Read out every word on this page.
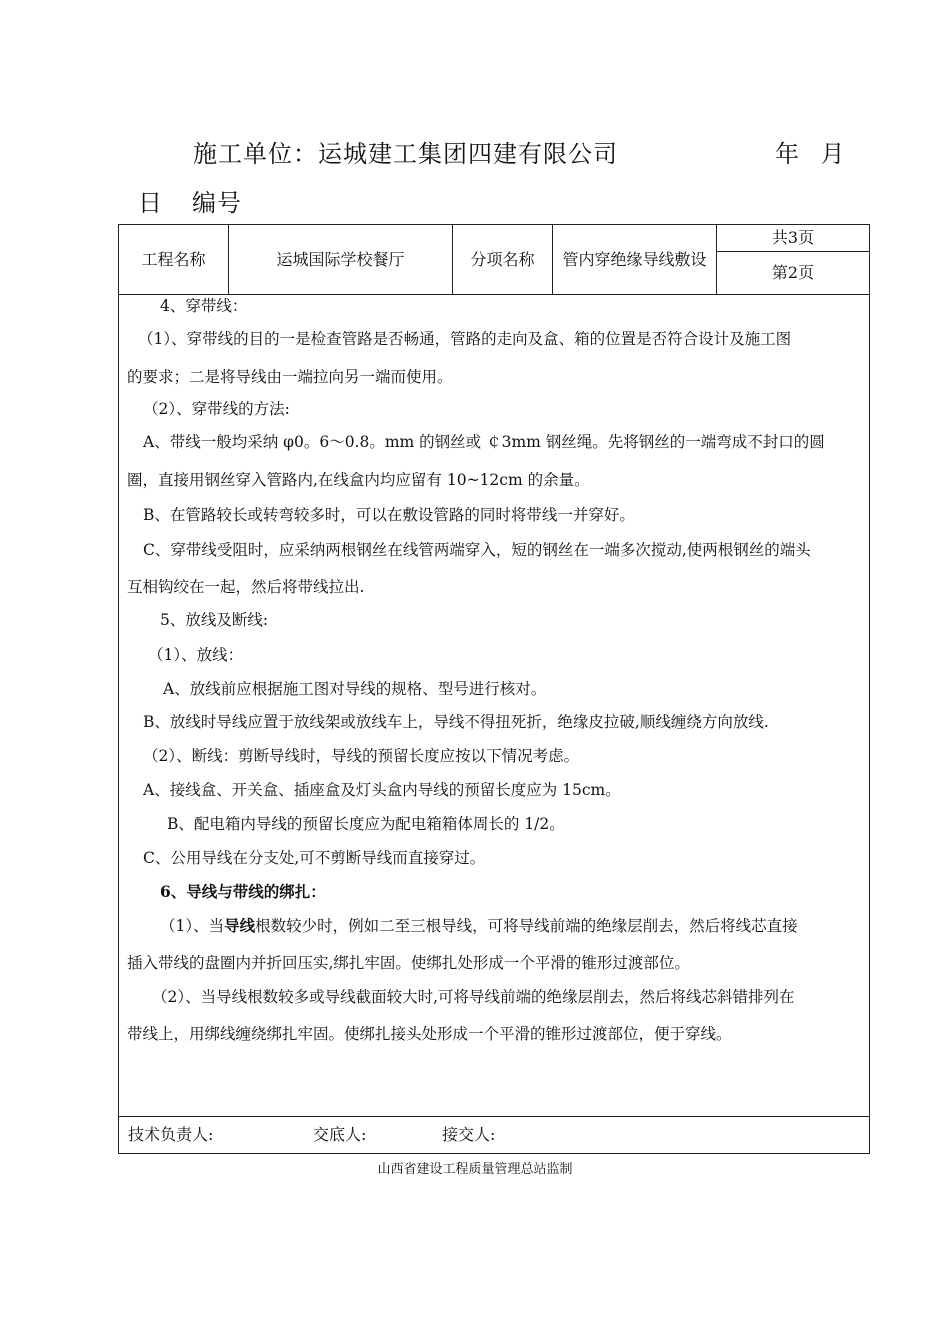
施工单位：运城建工集团四建有限公司	年 月
日 编号
工程名称	运城国际学校餐厅	分项名称	管内穿绝缘导线敷设	共3页
第2页
4、穿带线：
（1）、穿带线的目的一是检查管路是否畅通，管路的走向及盒、箱的位置是否符合设计及施工图
的要求；二是将导线由一端拉向另一端而使用。
（2）、穿带线的方法:
A、带线一般均采纳 φ0。6～0.8。mm 的钢丝或 ￠3mm 钢丝绳。先将钢丝的一端弯成不封口的圆
圈，直接用钢丝穿入管路内,在线盒内均应留有 10~12cm 的余量。
B、在管路较长或转弯较多时，可以在敷设管路的同时将带线一并穿好。
C、穿带线受阻时，应采纳两根钢丝在线管两端穿入，短的钢丝在一端多次搅动,使两根钢丝的端头
互相钩绞在一起，然后将带线拉出.
5、放线及断线:
（1）、放线：
A、放线前应根据施工图对导线的规格、型号进行核对。
B、放线时导线应置于放线架或放线车上，导线不得扭死折，绝缘皮拉破,顺线缠绕方向放线.
（2）、断线：剪断导线时，导线的预留长度应按以下情况考虑。
A、接线盒、开关盒、插座盒及灯头盒内导线的预留长度应为 15cm。
B、配电箱内导线的预留长度应为配电箱箱体周长的 1/2。
C、公用导线在分支处,可不剪断导线而直接穿过。
6、导线与带线的绑扎：
（1）、当导线根数较少时，例如二至三根导线，可将导线前端的绝缘层削去，然后将线芯直接
插入带线的盘圈内并折回压实,绑扎牢固。使绑扎处形成一个平滑的锥形过渡部位。
（2）、当导线根数较多或导线截面较大时,可将导线前端的绝缘层削去，然后将线芯斜错排列在
带线上，用绑线缠绕绑扎牢固。使绑扎接头处形成一个平滑的锥形过渡部位，便于穿线。
技术负责人:	交底人:	接交人:
山西省建设工程质量管理总站监制
